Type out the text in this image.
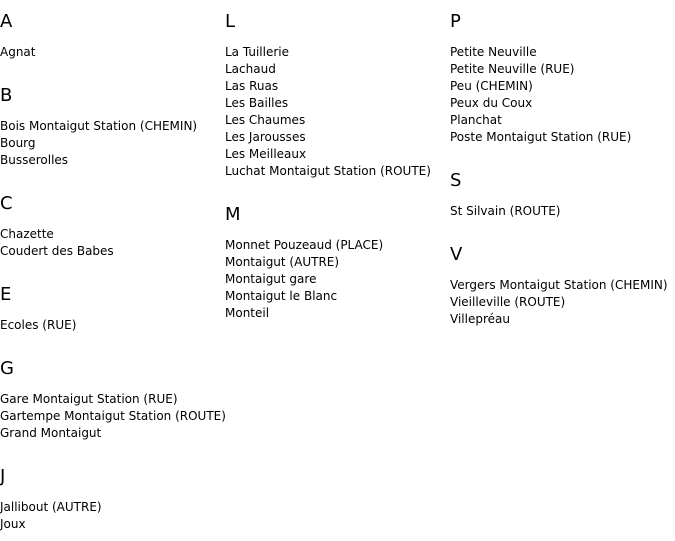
A
Agnat
B
Bois Montaigut Station (CHEMIN)
Bourg
Busserolles
C
Chazette
Coudert des Babes
E
Ecoles (RUE)
G
Gare Montaigut Station (RUE)
Gartempe Montaigut Station (ROUTE)
Grand Montaigut
J
Jallibout (AUTRE)
Joux
L
La Tuillerie
Lachaud
Las Ruas
Les Bailles
Les Chaumes
Les Jarousses
Les Meilleaux
Luchat Montaigut Station (ROUTE)
M
Monnet Pouzeaud (PLACE)
Montaigut (AUTRE)
Montaigut gare
Montaigut le Blanc
Monteil
P
Petite Neuville
Petite Neuville (RUE)
Peu (CHEMIN)
Peux du Coux
Planchat
Poste Montaigut Station (RUE)
S
St Silvain (ROUTE)
V
Vergers Montaigut Station (CHEMIN)
Vieilleville (ROUTE)
Villepréau
